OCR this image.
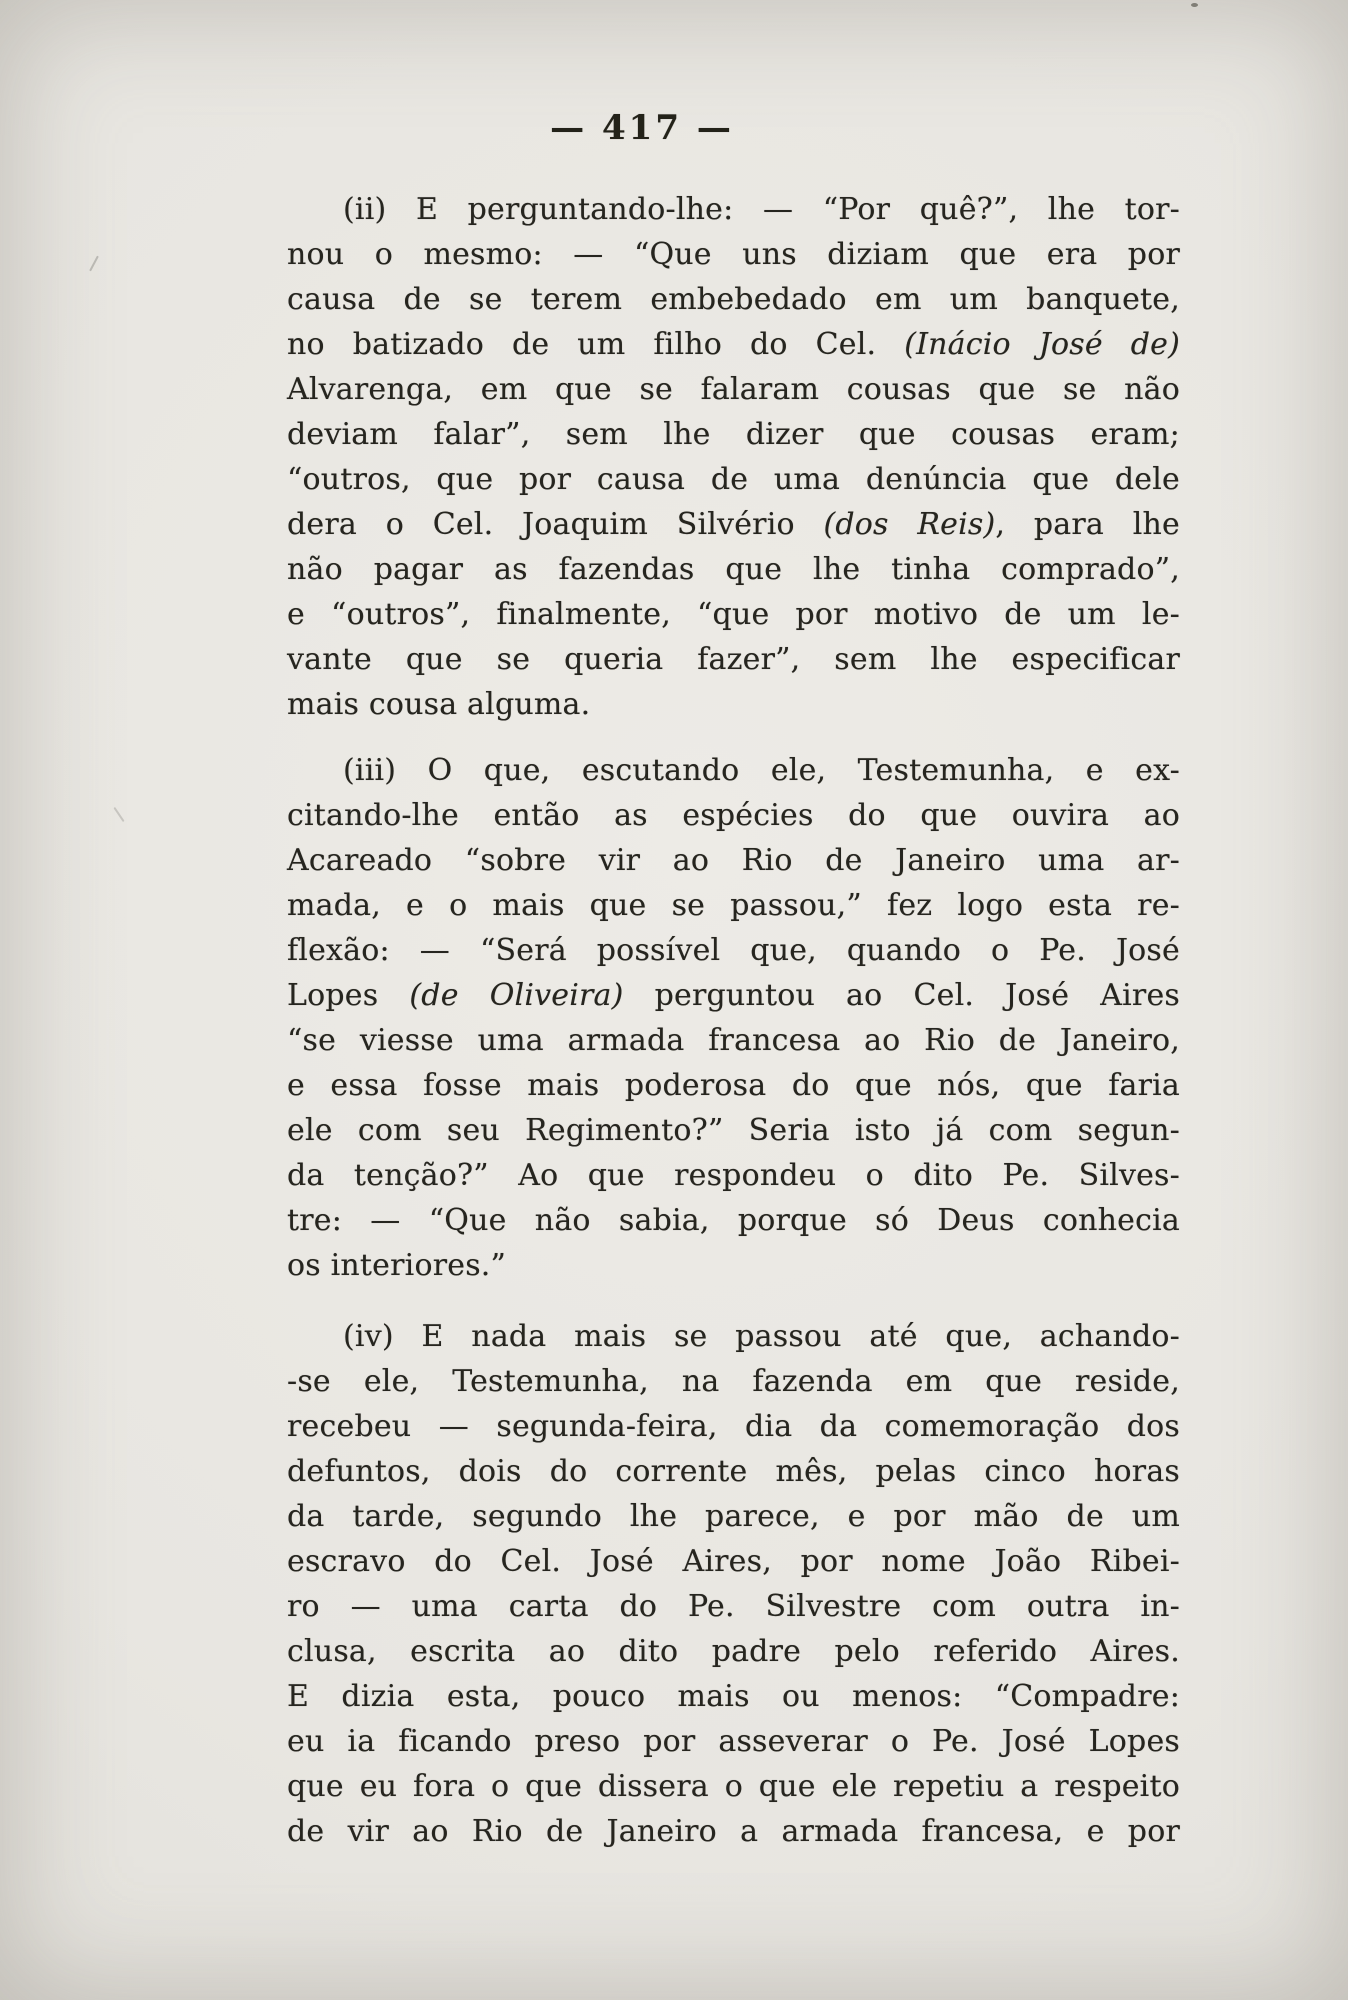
— 417 —
(ii) E perguntando-lhe: — “Por quê?”, lhe tor-
nou o mesmo: — “Que uns diziam que era por
causa de se terem embebedado em um banquete,
no batizado de um filho do Cel. (Inácio José de)
Alvarenga, em que se falaram cousas que se não
deviam falar”, sem lhe dizer que cousas eram;
“outros, que por causa de uma denúncia que dele
dera o Cel. Joaquim Silvério (dos Reis), para lhe
não pagar as fazendas que lhe tinha comprado”,
e “outros”, finalmente, “que por motivo de um le-
vante que se queria fazer”, sem lhe especificar
mais cousa alguma.
(iii) O que, escutando ele, Testemunha, e ex-
citando-lhe então as espécies do que ouvira ao
Acareado “sobre vir ao Rio de Janeiro uma ar-
mada, e o mais que se passou,” fez logo esta re-
flexão: — “Será possível que, quando o Pe. José
Lopes (de Oliveira) perguntou ao Cel. José Aires
“se viesse uma armada francesa ao Rio de Janeiro,
e essa fosse mais poderosa do que nós, que faria
ele com seu Regimento?” Seria isto já com segun-
da tenção?” Ao que respondeu o dito Pe. Silves-
tre: — “Que não sabia, porque só Deus conhecia
os interiores.”
(iv) E nada mais se passou até que, achando-
-se ele, Testemunha, na fazenda em que reside,
recebeu — segunda-feira, dia da comemoração dos
defuntos, dois do corrente mês, pelas cinco horas
da tarde, segundo lhe parece, e por mão de um
escravo do Cel. José Aires, por nome João Ribei-
ro — uma carta do Pe. Silvestre com outra in-
clusa, escrita ao dito padre pelo referido Aires.
E dizia esta, pouco mais ou menos: “Compadre:
eu ia ficando preso por asseverar o Pe. José Lopes
que eu fora o que dissera o que ele repetiu a respeito
de vir ao Rio de Janeiro a armada francesa, e por
